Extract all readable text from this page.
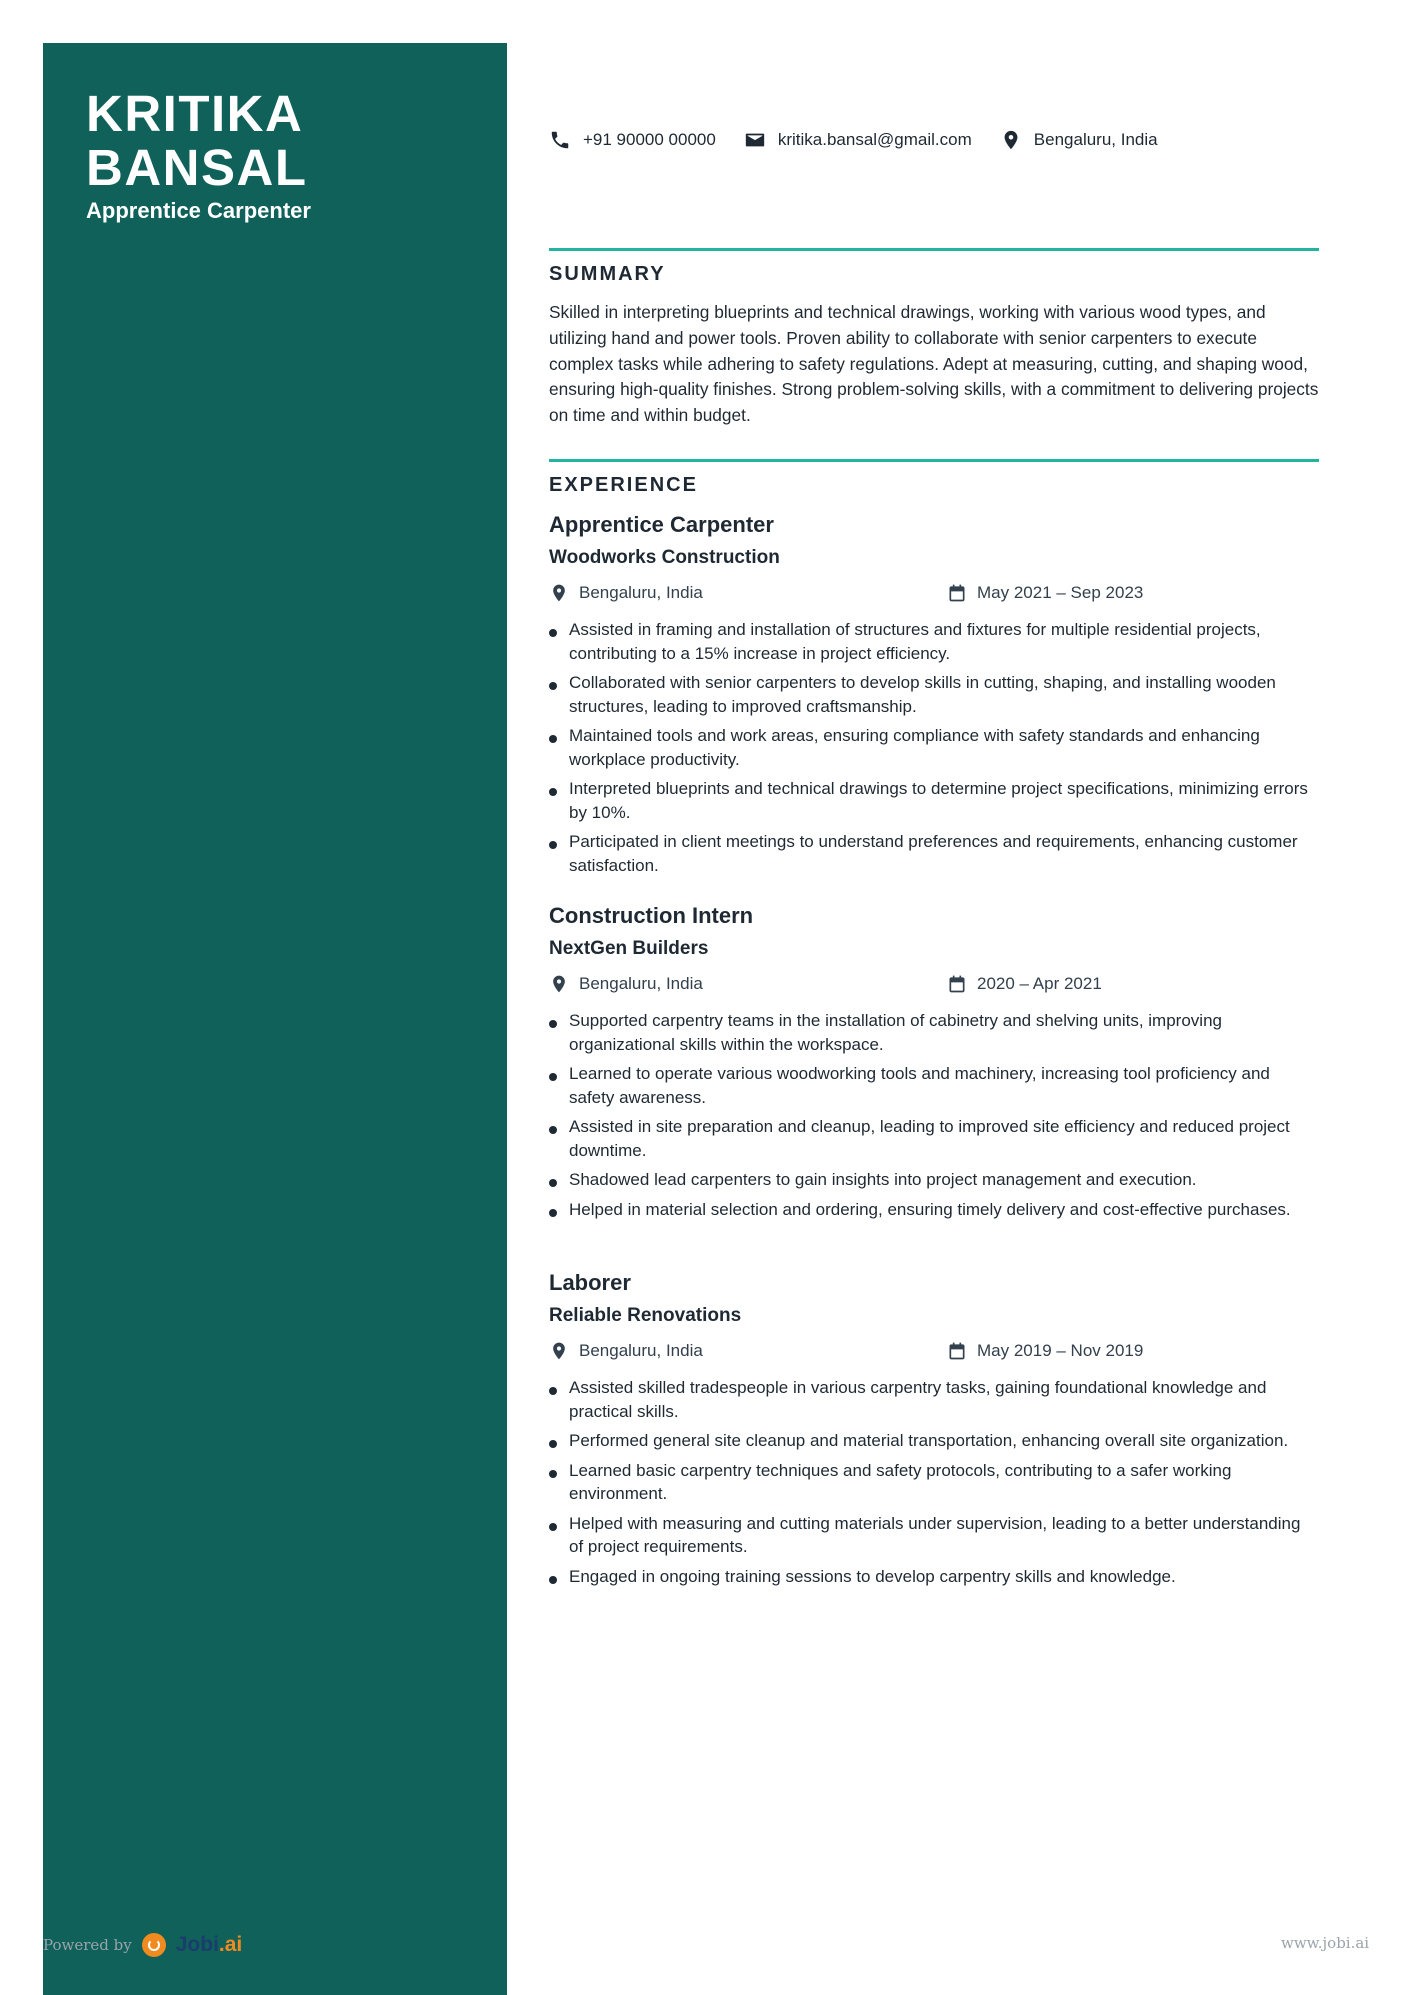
KRITIKA
BANSAL

Apprentice Carpenter

+91 90000 00000	kritika.bansal@gmail.com	Bengaluru, India
SUMMARY

Skilled in interpreting blueprints and technical drawings, working with various wood types, and utilizing hand and power tools. Proven ability to collaborate with senior carpenters to execute complex tasks while adhering to safety regulations. Adept at measuring, cutting, and shaping wood, ensuring high-quality finishes. Strong problem-solving skills, with a commitment to delivering projects on time and within budget.

EXPERIENCE
Apprentice Carpenter

Woodworks Construction

Bengaluru, India	May 2021 – Sep 2023
Assisted in framing and installation of structures and fixtures for multiple residential projects, contributing to a 15% increase in project efficiency.
Collaborated with senior carpenters to develop skills in cutting, shaping, and installing wooden structures, leading to improved craftsmanship.
Maintained tools and work areas, ensuring compliance with safety standards and enhancing workplace productivity.
Interpreted blueprints and technical drawings to determine project specifications, minimizing errors by 10%.
Participated in client meetings to understand preferences and requirements, enhancing customer satisfaction.
Construction Intern

NextGen Builders

Bengaluru, India	2020 – Apr 2021
Supported carpentry teams in the installation of cabinetry and shelving units, improving organizational skills within the workspace.
Learned to operate various woodworking tools and machinery, increasing tool proficiency and safety awareness.
Assisted in site preparation and cleanup, leading to improved site efficiency and reduced project downtime.
Shadowed lead carpenters to gain insights into project management and execution.
Helped in material selection and ordering, ensuring timely delivery and cost-effective purchases.
Laborer

Reliable Renovations

Bengaluru, India	May 2019 – Nov 2019
Assisted skilled tradespeople in various carpentry tasks, gaining foundational knowledge and practical skills.
Performed general site cleanup and material transportation, enhancing overall site organization.
Learned basic carpentry techniques and safety protocols, contributing to a safer working environment.
Helped with measuring and cutting materials under supervision, leading to a better understanding of project requirements.
Engaged in ongoing training sessions to develop carpentry skills and knowledge.
Powered by Jobi.ai	www.jobi.ai
